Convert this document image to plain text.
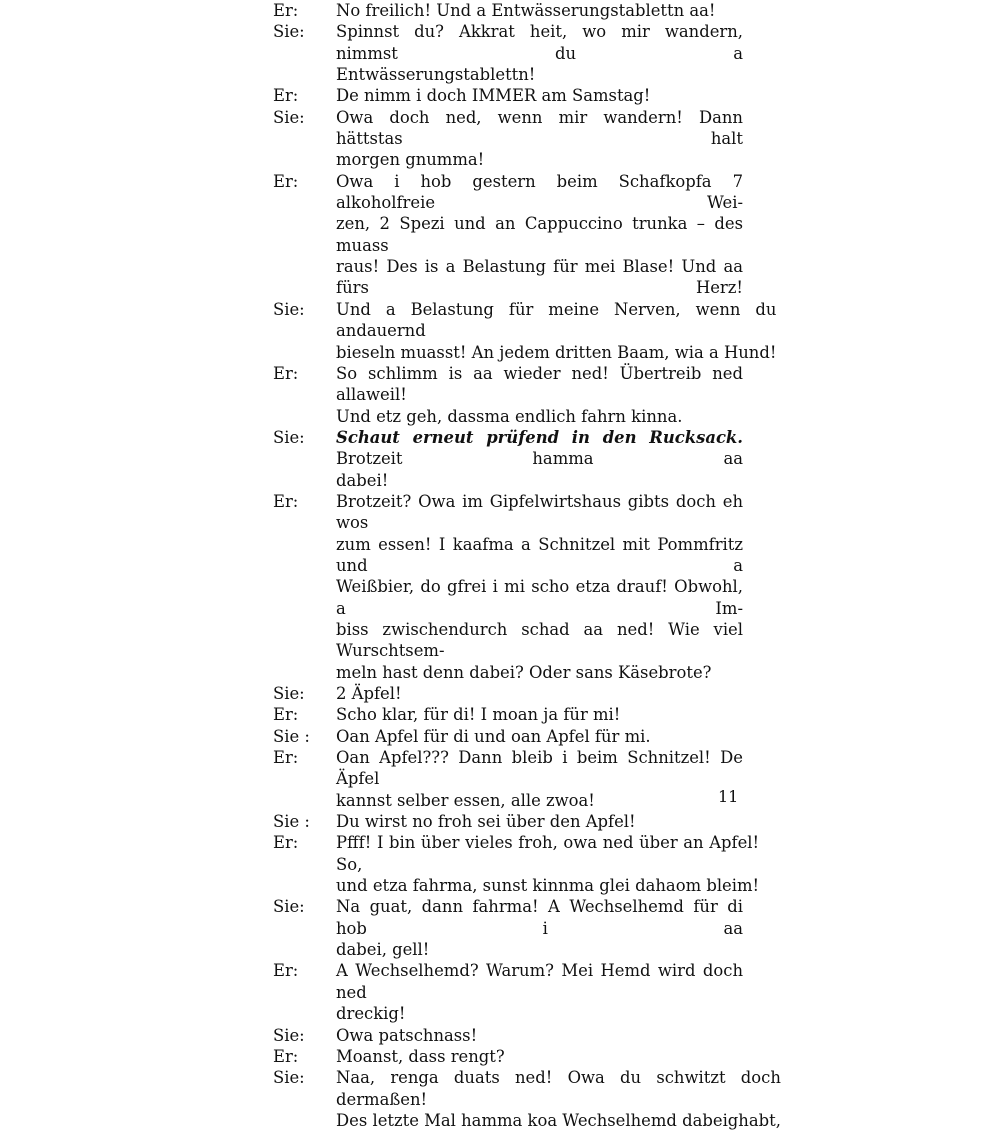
Er:	No freilich! Und a Entwässerungstablettn aa!
Sie:	Spinnst du? Akkrat heit, wo mir wandern, nimmst du a
Entwässerungstablettn!
Er:	De nimm i doch IMMER am Samstag!
Sie:	Owa doch ned, wenn mir wandern! Dann hättstas halt
morgen gnumma!
Er:	Owa i hob gestern beim Schafkopfa 7 alkoholfreie Wei-
zen, 2 Spezi und an Cappuccino trunka – des muass
raus! Des is a Belastung für mei Blase! Und aa fürs Herz!
Sie:	Und a Belastung für meine Nerven, wenn du andauernd
bieseln muasst! An jedem dritten Baam, wia a Hund!
Er:	So schlimm is aa wieder ned! Übertreib ned allaweil!
Und etz geh, dassma endlich fahrn kinna.
Sie:	Schaut erneut prüfend in den Rucksack. Brotzeit hamma aa
dabei!
Er:	Brotzeit? Owa im Gipfelwirtshaus gibts doch eh wos
zum essen! I kaafma a Schnitzel mit Pommfritz und a
Weißbier, do gfrei i mi scho etza drauf! Obwohl, a Im-
biss zwischendurch schad aa ned! Wie viel Wurschtsem-
meln hast denn dabei? Oder sans Käsebrote?
Sie:	2 Äpfel!
Er:	Scho klar, für di! I moan ja für mi!
Sie :	Oan Apfel für di und oan Apfel für mi.
Er:	Oan Apfel??? Dann bleib i beim Schnitzel! De Äpfel
kannst selber essen, alle zwoa!
Sie :	Du wirst no froh sei über den Apfel!
Er:	Pfff! I bin über vieles froh, owa ned über an Apfel! So,
und etza fahrma, sunst kinnma glei dahaom bleim!
Sie:	Na guat, dann fahrma! A Wechselhemd für di hob i aa
dabei, gell!
Er:	A Wechselhemd? Warum? Mei Hemd wird doch ned
dreckig!
Sie:	Owa patschnass!
Er:	Moanst, dass rengt?
Sie:	Naa, renga duats ned! Owa du schwitzt doch dermaßen!
Des letzte Mal hamma koa Wechselhemd dabeighabt,
11
